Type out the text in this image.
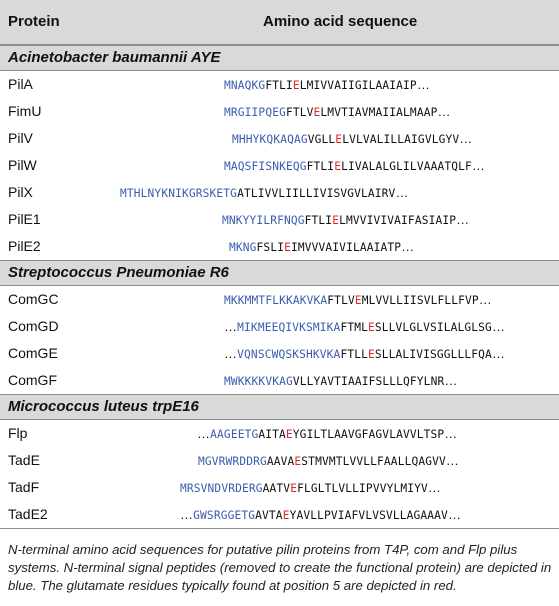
Protein	Amino acid sequence
Acinetobacter baumannii AYE
PilA	MNAQKGFTLIELMIVVAIIGILAAIAIP…
FimU	MRGIIPQEGFTLVELMVTIAVMAIIALMAAP…
PilV	MHHYKQKAQAGVGLLELVLVALILLAIGVLGYV…
PilW	MAQSFISNKEQGFTLIELIVALALGLILVAAATQLF…
PilX	MTHLNYKNIKGRSKETGATLIVVLIILLIVISVGVLAIRV…
PilE1	MNKYYILRFNQGFTLIELMVVIVIVAIFASIAIP…
PilE2	MKNGFSLIEIMVVVAIVILAAIATP…
Streptococcus Pneumoniae R6
ComGC	MKKMMTFLKKAKVKAFTLVEMLVVLLIISVLFLLFVP…
ComGD	…MIKMEEQIVKSMIKAFTMLESLLVLGLVSILALGLSG…
ComGE	…VQNSCWQSKSHKVKAFTLLESLLALIVISGGLLLFQA…
ComGF	MWKKKKVKAGVLLYAVTIAAIFSLLLQFYLNR…
Micrococcus luteus trpE16
Flp	…AAGEETGAITAEYGILTLAAVGFAGVLAVVLTSP…
TadE	MGVRWRDDRGAAVAESTMVMTLVVLLFAALLQAGVV…
TadF	MRSVNDVRDERGAATVEFLGLTLVLLIPVVYLMIYV…
TadE2	…GWSRGGETGAVTAEYAVLLPVIAFVLVSVLLAGAAAV…
N-terminal amino acid sequences for putative pilin proteins from T4P, com and Flp pilus systems. N-terminal signal peptides (removed to create the functional protein) are depicted in blue. The glutamate residues typically found at position 5 are depicted in red.
